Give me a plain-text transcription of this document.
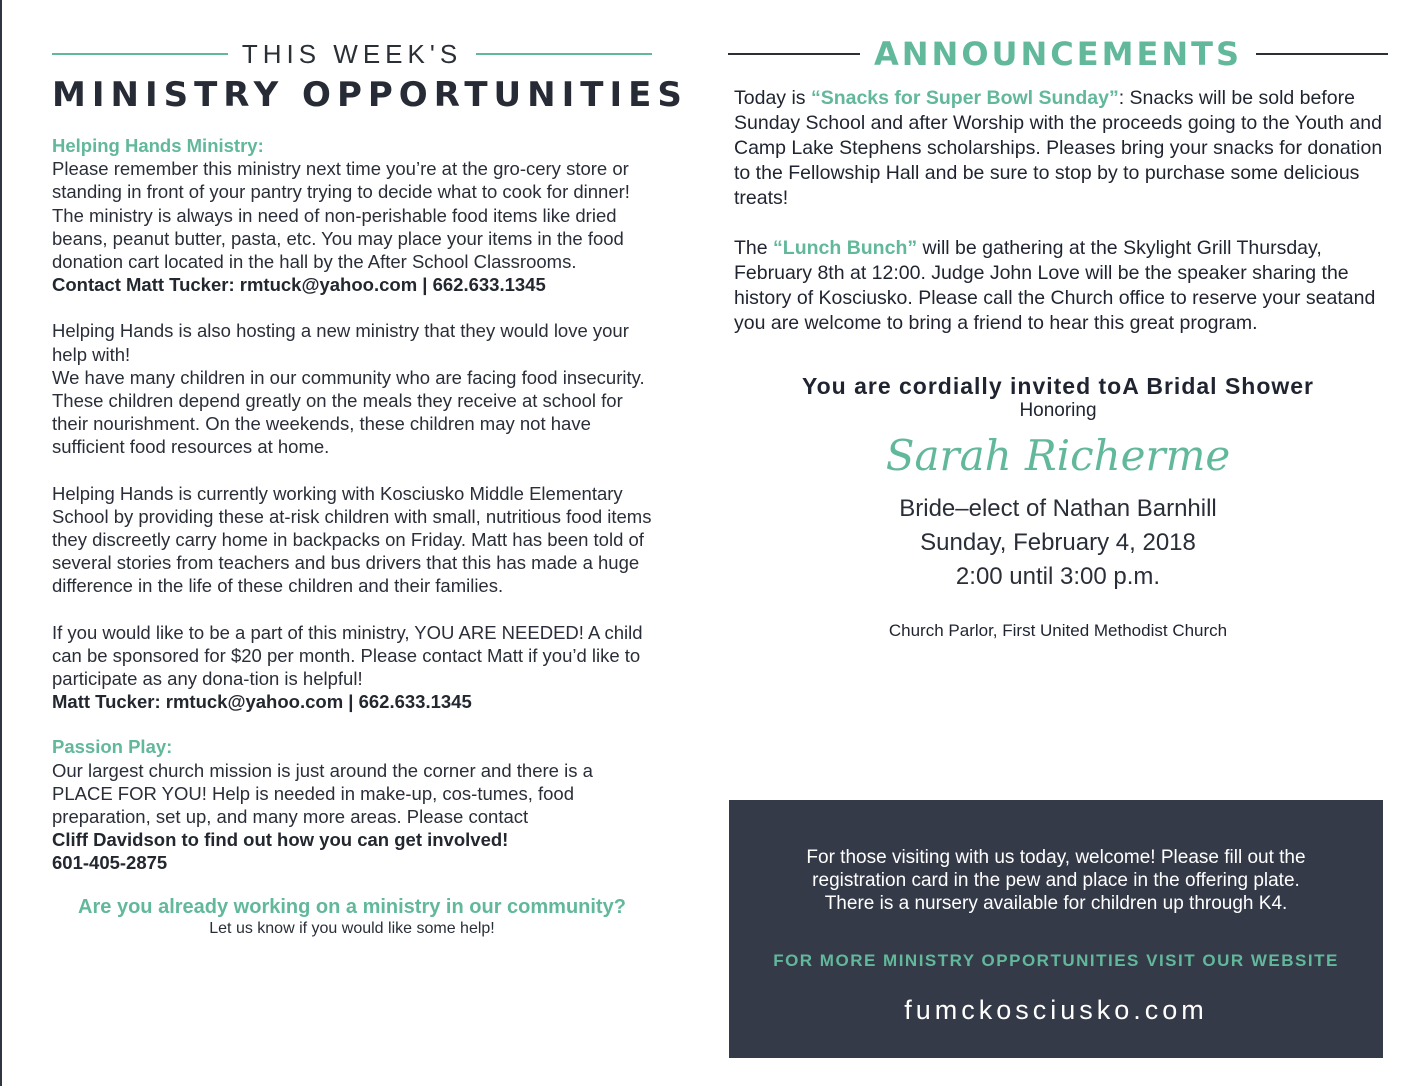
THIS WEEK'S
MINISTRY OPPORTUNITIES
Helping Hands Ministry:
Please remember this ministry next time you’re at the gro-cery store or standing in front of your pantry trying to decide what to cook for dinner! The ministry is always in need of non-perishable food items like dried beans, peanut butter, pasta, etc. You may place your items in the food donation cart located in the hall by the After School Classrooms.
Contact Matt Tucker: rmtuck@yahoo.com | 662.633.1345
Helping Hands is also hosting a new ministry that they would love your help with!
We have many children in our community who are facing food insecurity. These children depend greatly on the meals they receive at school for their nourishment. On the weekends, these children may not have sufficient food resources at home.
Helping Hands is currently working with Kosciusko Middle Elementary School by providing these at-risk children with small, nutritious food items they discreetly carry home in backpacks on Friday. Matt has been told of several stories from teachers and bus drivers that this has made a huge difference in the life of these children and their families.
If you would like to be a part of this ministry, YOU ARE NEEDED! A child can be sponsored for $20 per month. Please contact Matt if you’d like to participate as any dona-tion is helpful!
Matt Tucker: rmtuck@yahoo.com | 662.633.1345
Passion Play:
Our largest church mission is just around the corner and there is a PLACE FOR YOU! Help is needed in make-up, cos-tumes, food preparation, set up, and many more areas. Please contact
Cliff Davidson to find out how you can get involved!
601-405-2875
Are you already working on a ministry in our community?
Let us know if you would like some help!
ANNOUNCEMENTS

Today is “Snacks for Super Bowl Sunday”: Snacks will be sold before Sunday School and after Worship with the proceeds going to the Youth and Camp Lake Stephens scholarships. Pleases bring your snacks for donation to the Fellowship Hall and be sure to stop by to purchase some delicious treats!

The “Lunch Bunch” will be gathering at the Skylight Grill Thursday, February 8th at 12:00. Judge John Love will be the speaker sharing the history of Kosciusko. Please call the Church office to reserve your seatand you are welcome to bring a friend to hear this great program.

You are cordially invited toA Bridal Shower
Honoring
Sarah Richerme
Bride–elect of Nathan Barnhill
Sunday, February 4, 2018
2:00 until 3:00 p.m.
Church Parlor, First United Methodist Church
For those visiting with us today, welcome! Please fill out the
registration card in the pew and place in the offering plate.
There is a nursery available for children up through K4.
FOR MORE MINISTRY OPPORTUNITIES VISIT OUR WEBSITE
fumckosciusko.com
